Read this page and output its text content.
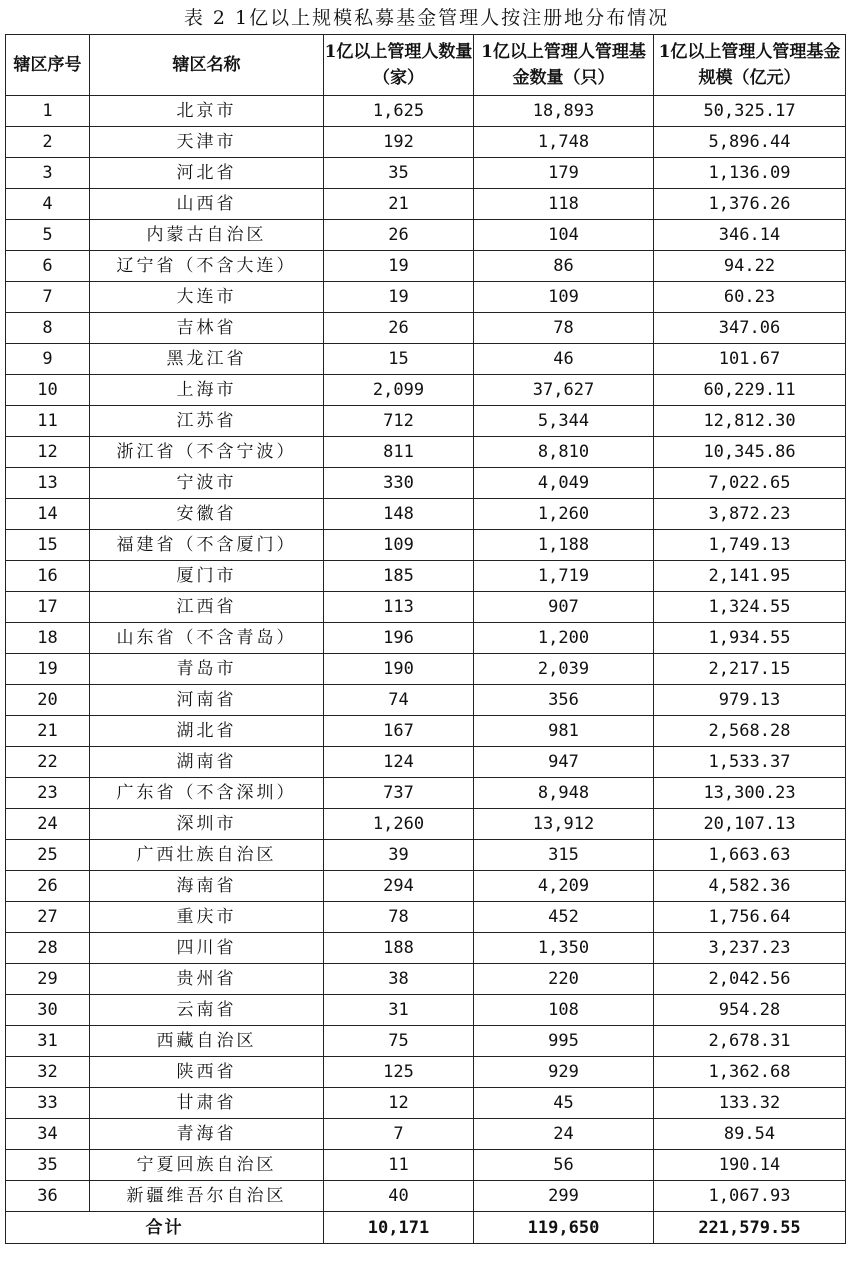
表 2 1亿以上规模私募基金管理人按注册地分布情况
辖区序号	辖区名称	1亿以上管理人数量（家）	1亿以上管理人管理基金数量（只）	1亿以上管理人管理基金规模（亿元）
1	北京市	1,625	18,893	50,325.17
2	天津市	192	1,748	5,896.44
3	河北省	35	179	1,136.09
4	山西省	21	118	1,376.26
5	内蒙古自治区	26	104	346.14
6	辽宁省（不含大连）	19	86	94.22
7	大连市	19	109	60.23
8	吉林省	26	78	347.06
9	黑龙江省	15	46	101.67
10	上海市	2,099	37,627	60,229.11
11	江苏省	712	5,344	12,812.30
12	浙江省（不含宁波）	811	8,810	10,345.86
13	宁波市	330	4,049	7,022.65
14	安徽省	148	1,260	3,872.23
15	福建省（不含厦门）	109	1,188	1,749.13
16	厦门市	185	1,719	2,141.95
17	江西省	113	907	1,324.55
18	山东省（不含青岛）	196	1,200	1,934.55
19	青岛市	190	2,039	2,217.15
20	河南省	74	356	979.13
21	湖北省	167	981	2,568.28
22	湖南省	124	947	1,533.37
23	广东省（不含深圳）	737	8,948	13,300.23
24	深圳市	1,260	13,912	20,107.13
25	广西壮族自治区	39	315	1,663.63
26	海南省	294	4,209	4,582.36
27	重庆市	78	452	1,756.64
28	四川省	188	1,350	3,237.23
29	贵州省	38	220	2,042.56
30	云南省	31	108	954.28
31	西藏自治区	75	995	2,678.31
32	陕西省	125	929	1,362.68
33	甘肃省	12	45	133.32
34	青海省	7	24	89.54
35	宁夏回族自治区	11	56	190.14
36	新疆维吾尔自治区	40	299	1,067.93
合计		10,171	119,650	221,579.55
